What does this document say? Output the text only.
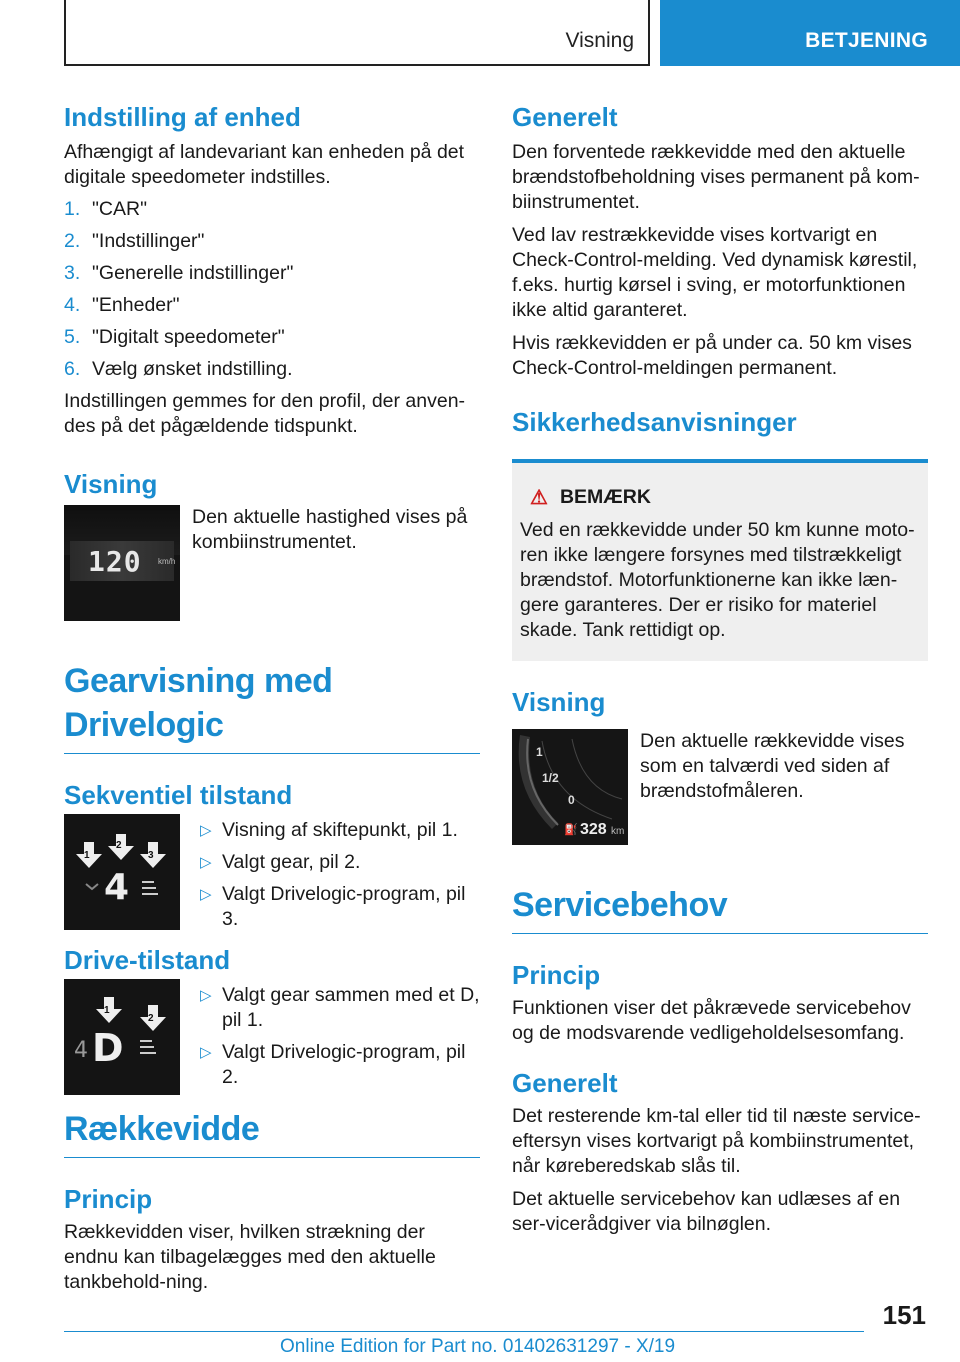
Visning	BETJENING
Indstilling af enhed

Afhængigt af landevariant kan enheden på det digitale speedometer indstilles.

1. "CAR"
2. "Indstillinger"
3. "Generelle indstillinger"
4. "Enheder"
5. "Digitalt speedometer"
6. Vælg ønsket indstilling.

Indstillingen gemmes for den profil, der anven-des på det pågældende tidspunkt.

Visning
120 km/h

Den aktuelle hastighed vises på kombiinstrumentet.

Gearvisning med Drivelogic
Sekventiel tilstand
1
2
3
4
▷ Visning af skiftepunkt, pil 1.
▷ Valgt gear, pil 2.
▷ Valgt Drivelogic-program, pil 3.
Drive-tilstand
1
2
4 D
▷ Valgt gear sammen med et D, pil 1.
▷ Valgt Drivelogic-program, pil 2.
Rækkevidde
Princip

Rækkevidden viser, hvilken strækning der endnu kan tilbagelægges med den aktuelle tankbehold-ning.

Generelt

Den forventede rækkevidde med den aktuelle brændstofbeholdning vises permanent på kom-biinstrumentet.

Ved lav restrækkevidde vises kortvarigt en Check-Control-melding. Ved dynamisk kørestil, f.eks. hurtig kørsel i sving, er motorfunktionen ikke altid garanteret.

Hvis rækkevidden er på under ca. 50 km vises Check-Control-meldingen permanent.

Sikkerhedsanvisninger
⚠ BEMÆRK

Ved en rækkevidde under 50 km kunne moto-ren ikke længere forsynes med tilstrækkeligt brændstof. Motorfunktionerne kan ikke læn-gere garanteres. Der er risiko for materiel skade. Tank rettidigt op.

Visning
1
1/2
0
⛽ 328 km

Den aktuelle rækkevidde vises som en talværdi ved siden af brændstofmåleren.

Servicebehov
Princip

Funktionen viser det påkrævede servicebehov og de modsvarende vedligeholdelsesomfang.

Generelt

Det resterende km-tal eller tid til næste service-eftersyn vises kortvarigt på kombiinstrumentet, når køreberedskab slås til.

Det aktuelle servicebehov kan udlæses af en ser-vicerådgiver via bilnøglen.

151
Online Edition for Part no. 01402631297 - X/19
